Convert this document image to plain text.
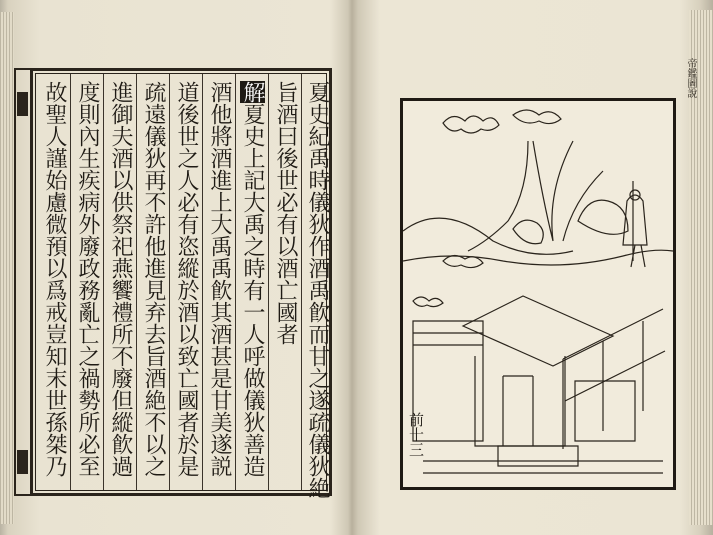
夏史紀禹時儀狄作酒禹飮而甘之遂疏儀狄絶
旨酒曰後世必有以酒亡國者
解夏史上記大禹之時有一人呼做儀狄善造
酒他將酒進上大禹禹飮其酒甚是甘美遂説
道後世之人必有恣縱於酒以致亡國者於是
疏遠儀狄再不許他進見弃去旨酒絶不以之
進御夫酒以供祭祀燕饗禮所不廢但縱飮過
度則內生疾病外廢政務亂亡之禍勢所必至
故聖人謹始慮微預以爲戒豈知末世孫桀乃
帝鑑圖說
前十三
